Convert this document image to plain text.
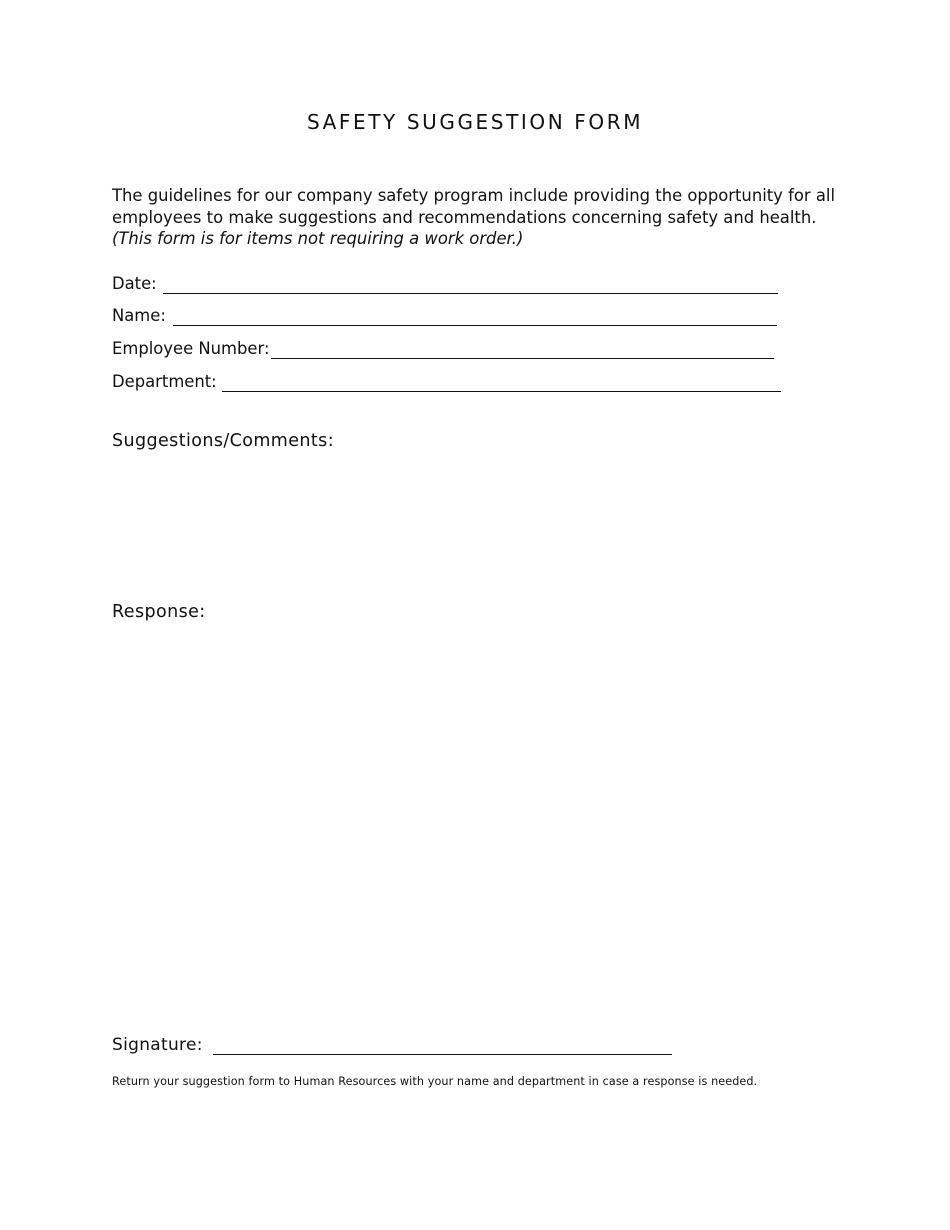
SAFETY SUGGESTION FORM

The guidelines for our company safety program include providing the opportunity for all employees to make suggestions and recommendations concerning safety and health.

(This form is for items not requiring a work order.)

Date:
Name:
Employee Number:
Department:
Suggestions/Comments:
Response:
Signature:
Return your suggestion form to Human Resources with your name and department in case a response is needed.
